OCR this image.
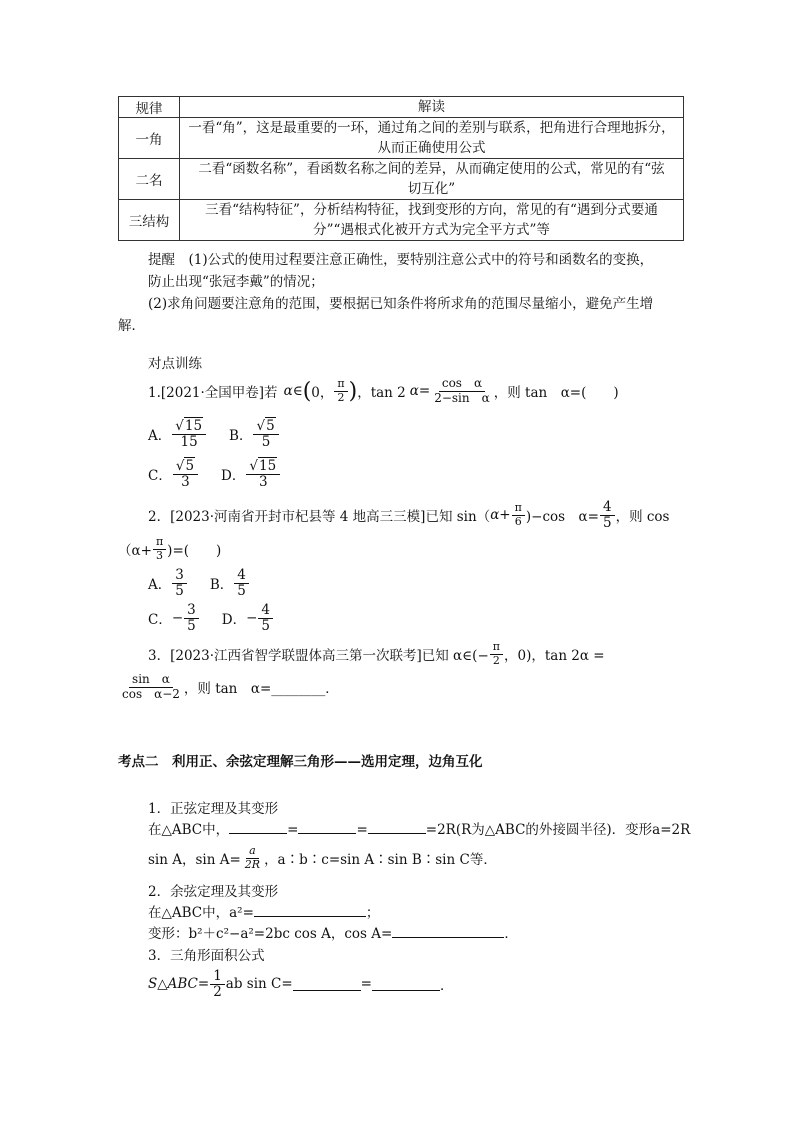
规律	解读
一角	一看“角”，这是最重要的一环，通过角之间的差别与联系，把角进行合理地拆分，
从而正确使用公式
二名	二看“函数名称”，看函数名称之间的差异，从而确定使用的公式，常见的有“弦
切互化”
三结构	三看“结构特征”，分析结构特征，找到变形的方向，常见的有“遇到分式要通
分”“遇根式化被开方式为完全平方式”等
提醒　 (1)公式的使用过程要注意正确性，要特别注意公式中的符号和函数名的变换，
防止出现“张冠李戴”的情况；
(2)求角问题要注意角的范围，要根据已知条件将所求角的范围尽量缩小，避免产生增
解．
对点训练
1.[2021·全国甲卷]若 α ∈ ( 0， $\frac{\pi}{2}$ ) ，tan 2 $\alpha = \frac{\text{cos　α}}{\text{2−sin　α}}$ ，则 tan　α=(　　)
A． $\frac{√15}{15}$ B． $\frac{√5}{5}$
C． $\frac{√5}{3}$ D． $\frac{√15}{3}$
2．[2023·河南省开封市杞县等 4 地高三三模]已知 sin（ $\alpha+ \frac{\pi}{6} )-\cos$　$\alpha= \frac{4}{5}$ ，则 cos
（$\alpha+ \frac{\pi}{3}$ )=(　　)
A． $\frac{3}{5}$ B． $\frac{4}{5}$
C． − $\frac{3}{5}$ D． − $\frac{4}{5}$
3．[2023·江西省智学联盟体高三第一次联考]已知 α∈(− $\frac{\pi}{2}$ ，0)，tan 2α =
$\frac{\text{sin　α}}{\text{cos　α−2}}$ ，则 tan　α=________．
考点二　利用正、余弦定理解三角形——选用定理，边角互化
1．正弦定理及其变形
在△ABC中，	=	=	=2R(R为△ABC的外接圆半径)．变形a=2R
sin A，$\sin A= \frac{a}{2R}$ ，a∶b∶c=sin A∶sin B∶sin C等．
2．余弦定理及其变形
在△ABC中，a²=	；
变形：b²＋c²−a²=2bc cos A，cos A=	．
3．三角形面积公式
S△ABC= $\frac{1}{2}$ ab sin C=	=	．
